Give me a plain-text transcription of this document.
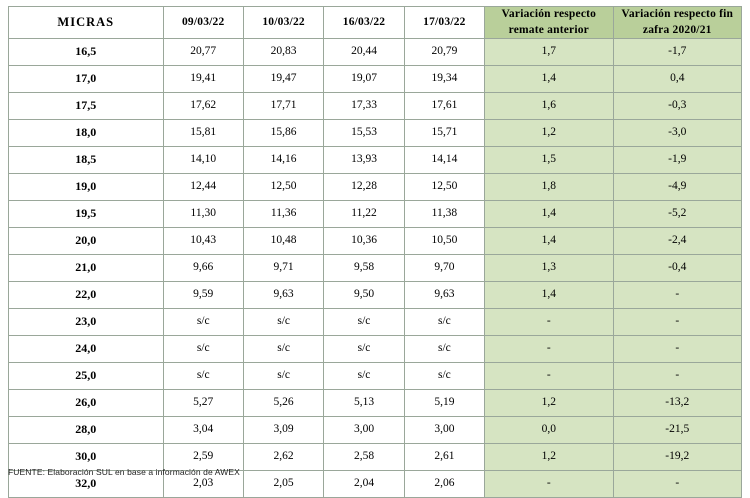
MICRAS	09/03/22	10/03/22	16/03/22	17/03/22	Variación respecto remate anterior	Variación respecto fin zafra 2020/21
16,5	20,77	20,83	20,44	20,79	1,7	-1,7
17,0	19,41	19,47	19,07	19,34	1,4	0,4
17,5	17,62	17,71	17,33	17,61	1,6	-0,3
18,0	15,81	15,86	15,53	15,71	1,2	-3,0
18,5	14,10	14,16	13,93	14,14	1,5	-1,9
19,0	12,44	12,50	12,28	12,50	1,8	-4,9
19,5	11,30	11,36	11,22	11,38	1,4	-5,2
20,0	10,43	10,48	10,36	10,50	1,4	-2,4
21,0	9,66	9,71	9,58	9,70	1,3	-0,4
22,0	9,59	9,63	9,50	9,63	1,4	-
23,0	s/c	s/c	s/c	s/c	-	-
24,0	s/c	s/c	s/c	s/c	-	-
25,0	s/c	s/c	s/c	s/c	-	-
26,0	5,27	5,26	5,13	5,19	1,2	-13,2
28,0	3,04	3,09	3,00	3,00	0,0	-21,5
30,0	2,59	2,62	2,58	2,61	1,2	-19,2
32,0	2,03	2,05	2,04	2,06	-	-
FUENTE: Elaboración SUL en base a información de AWEX
